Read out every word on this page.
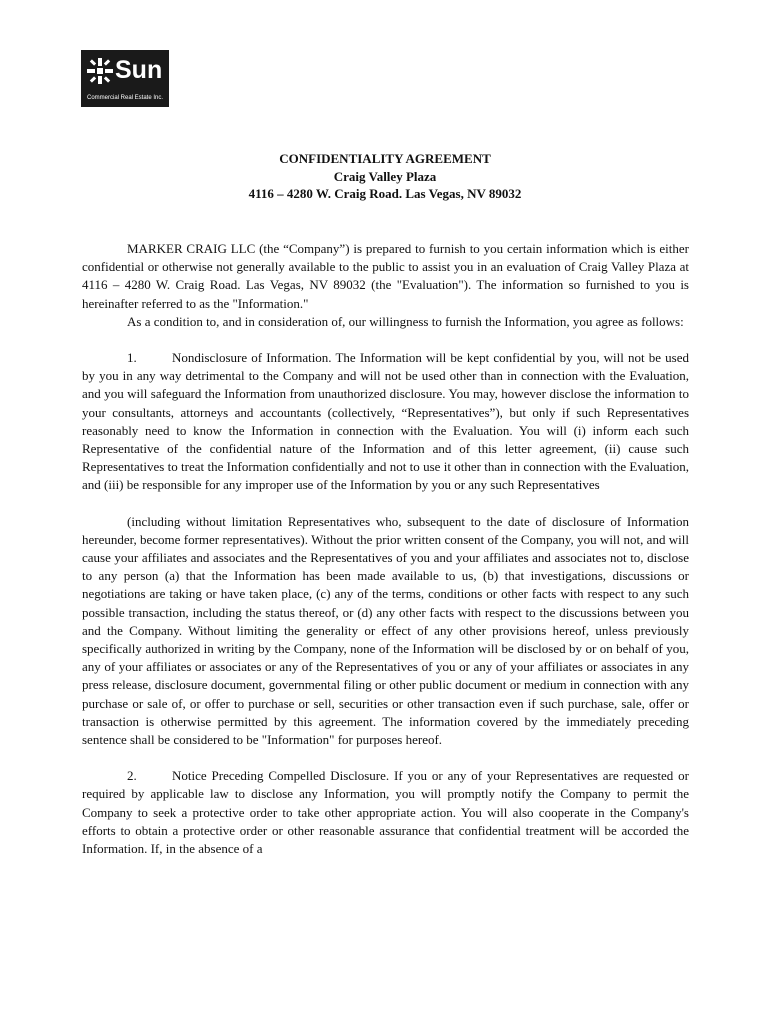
Sun
Commercial Real Estate Inc.
CONFIDENTIALITY AGREEMENT
Craig Valley Plaza
4116 – 4280 W. Craig Road. Las Vegas, NV 89032

MARKER CRAIG LLC (the “Company”) is prepared to furnish to you certain information which is either confidential or otherwise not generally available to the public to assist you in an evaluation of Craig Valley Plaza at 4116 – 4280 W. Craig Road. Las Vegas, NV 89032 (the "Evaluation"). The information so furnished to you is hereinafter referred to as the "Information."

As a condition to, and in consideration of, our willingness to furnish the Information, you agree as follows:

1.	Nondisclosure of Information. The Information will be kept confidential by you, will not be used by you in any way detrimental to the Company and will not be used other than in connection with the Evaluation, and you will safeguard the Information from unauthorized disclosure. You may, however disclose the information to your consultants, attorneys and accountants (collectively, “Representatives”), but only if such Representatives reasonably need to know the Information in connection with the Evaluation. You will (i) inform each such Representative of the confidential nature of the Information and of this letter agreement, (ii) cause such Representatives to treat the Information confidentially and not to use it other than in connection with the Evaluation, and (iii) be responsible for any improper use of the Information by you or any such Representatives

(including without limitation Representatives who, subsequent to the date of disclosure of Information hereunder, become former representatives). Without the prior written consent of the Company, you will not, and will cause your affiliates and associates and the Representatives of you and your affiliates and associates not to, disclose to any person (a) that the Information has been made available to us, (b) that investigations, discussions or negotiations are taking or have taken place, (c) any of the terms, conditions or other facts with respect to any such possible transaction, including the status thereof, or (d) any other facts with respect to the discussions between you and the Company. Without limiting the generality or effect of any other provisions hereof, unless previously specifically authorized in writing by the Company, none of the Information will be disclosed by or on behalf of you, any of your affiliates or associates or any of the Representatives of you or any of your affiliates or associates in any press release, disclosure document, governmental filing or other public document or medium in connection with any purchase or sale of, or offer to purchase or sell, securities or other transaction even if such purchase, sale, offer or transaction is otherwise permitted by this agreement. The information covered by the immediately preceding sentence shall be considered to be "Information" for purposes hereof.

2.	Notice Preceding Compelled Disclosure. If you or any of your Representatives are requested or required by applicable law to disclose any Information, you will promptly notify the Company to permit the Company to seek a protective order to take other appropriate action. You will also cooperate in the Company's efforts to obtain a protective order or other reasonable assurance that confidential treatment will be accorded the Information. If, in the absence of a
